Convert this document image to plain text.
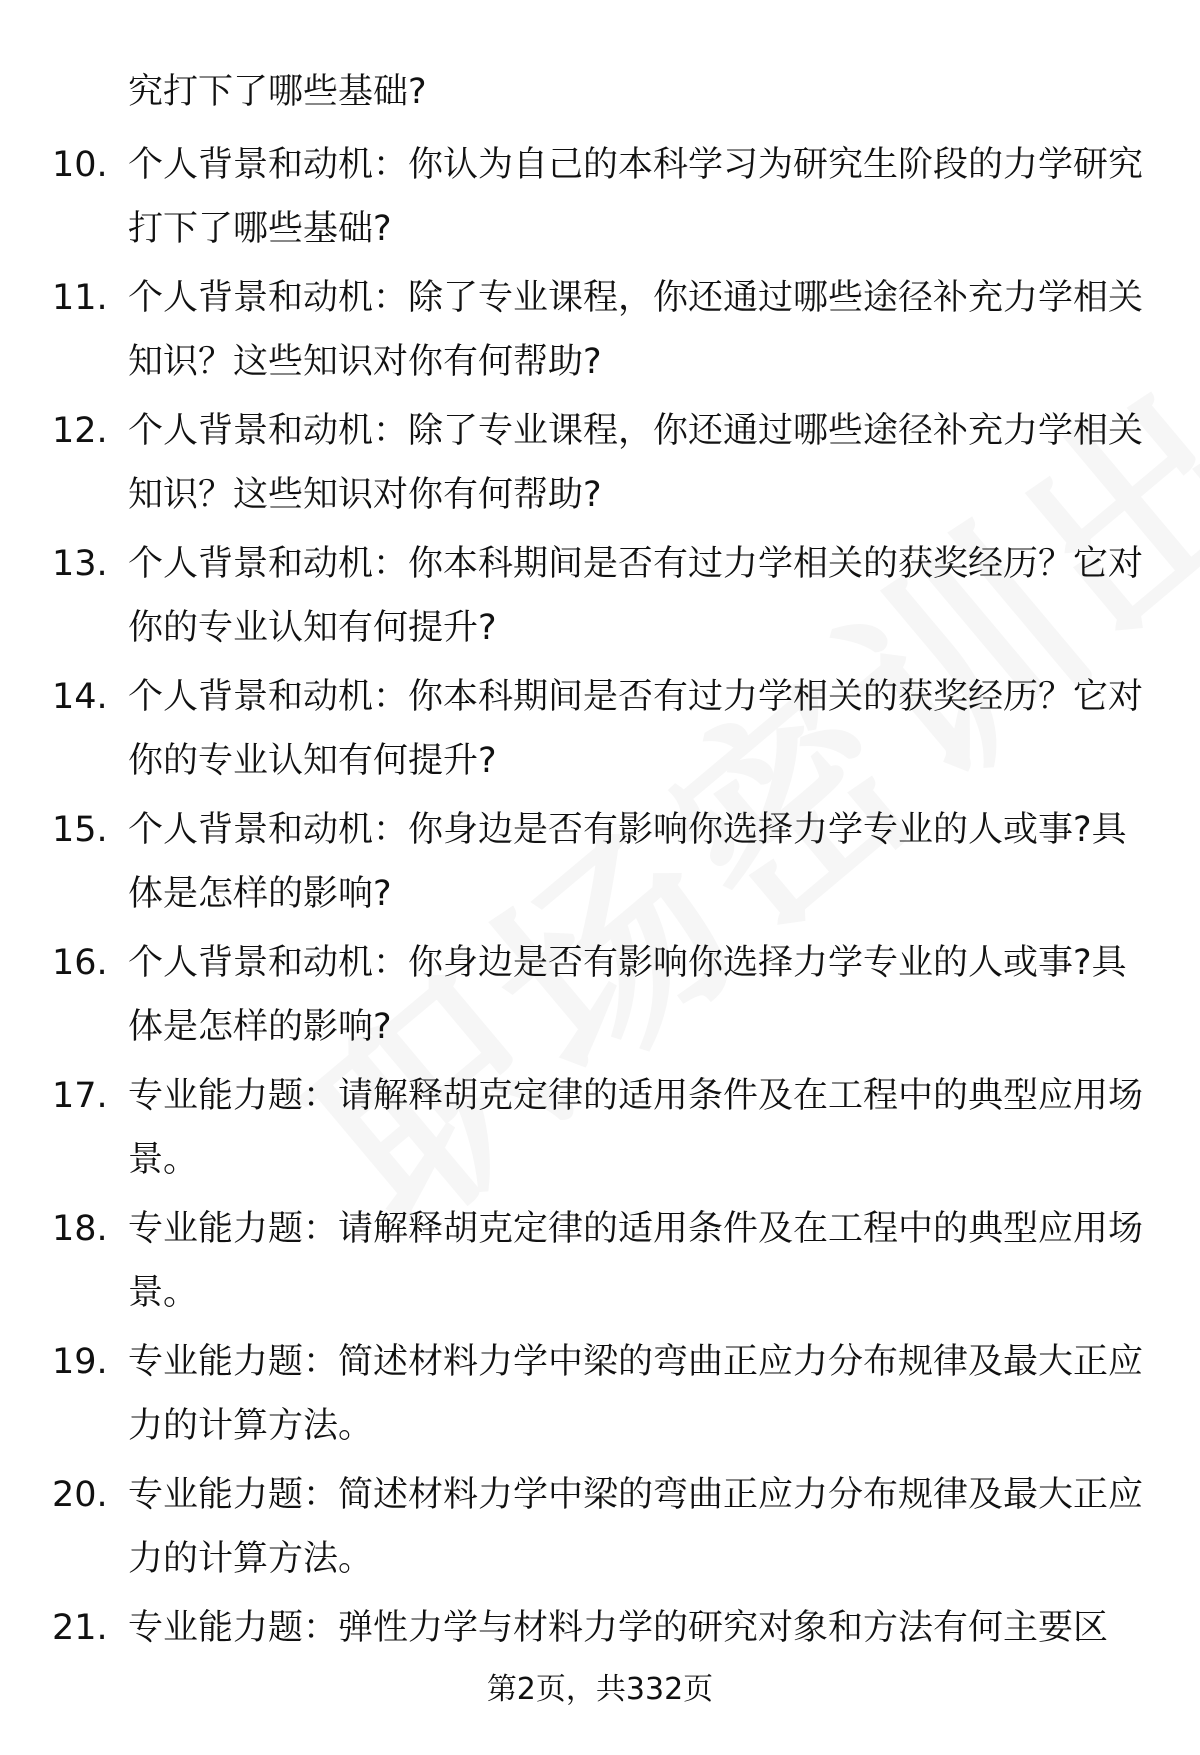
究打下了哪些基础?

10. 个人背景和动机：你认为自己的本科学习为研究生阶段的力学研究打下了哪些基础?
11. 个人背景和动机：除了专业课程，你还通过哪些途径补充力学相关知识？这些知识对你有何帮助?
12. 个人背景和动机：除了专业课程，你还通过哪些途径补充力学相关知识？这些知识对你有何帮助?
13. 个人背景和动机：你本科期间是否有过力学相关的获奖经历？它对你的专业认知有何提升?
14. 个人背景和动机：你本科期间是否有过力学相关的获奖经历？它对你的专业认知有何提升?
15. 个人背景和动机：你身边是否有影响你选择力学专业的人或事?具体是怎样的影响?
16. 个人背景和动机：你身边是否有影响你选择力学专业的人或事?具体是怎样的影响?
17. 专业能力题：请解释胡克定律的适用条件及在工程中的典型应用场景。
18. 专业能力题：请解释胡克定律的适用条件及在工程中的典型应用场景。
19. 专业能力题：简述材料力学中梁的弯曲正应力分布规律及最大正应力的计算方法。
20. 专业能力题：简述材料力学中梁的弯曲正应力分布规律及最大正应力的计算方法。
21. 专业能力题：弹性力学与材料力学的研究对象和方法有何主要区
第2页，共332页
